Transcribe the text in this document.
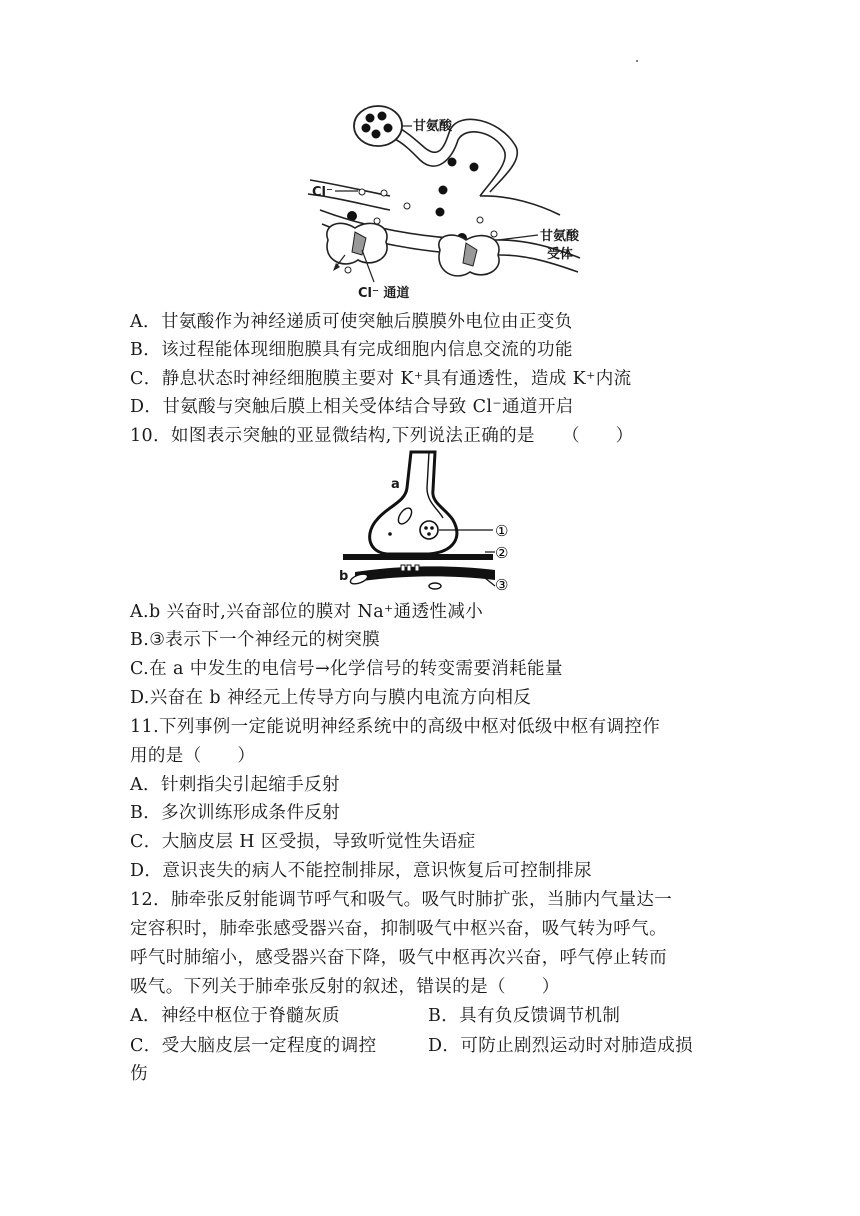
甘氨酸
Cl⁻
甘氨酸
受体
Cl⁻ 通道
A．甘氨酸作为神经递质可使突触后膜膜外电位由正变负
B．该过程能体现细胞膜具有完成细胞内信息交流的功能
C．静息状态时神经细胞膜主要对 K⁺具有通透性，造成 K⁺内流
D．甘氨酸与突触后膜上相关受体结合导致 Cl⁻通道开启
10．如图表示突触的亚显微结构,下列说法正确的是　　（　　）
a
b
①
②
③
A.b 兴奋时,兴奋部位的膜对 Na⁺通透性减小
B.③表示下一个神经元的树突膜
C.在 a 中发生的电信号→化学信号的转变需要消耗能量
D.兴奋在 b 神经元上传导方向与膜内电流方向相反
11.下列事例一定能说明神经系统中的高级中枢对低级中枢有调控作
用的是（　　）
A．针刺指尖引起缩手反射
B．多次训练形成条件反射
C．大脑皮层 H 区受损，导致听觉性失语症
D．意识丧失的病人不能控制排尿，意识恢复后可控制排尿
12．肺牵张反射能调节呼气和吸气。吸气时肺扩张，当肺内气量达一
定容积时，肺牵张感受器兴奋，抑制吸气中枢兴奋，吸气转为呼气。
呼气时肺缩小，感受器兴奋下降，吸气中枢再次兴奋，呼气停止转而
吸气。下列关于肺牵张反射的叙述，错误的是（　　）
A．神经中枢位于脊髓灰质	B．具有负反馈调节机制
C．受大脑皮层一定程度的调控	D．可防止剧烈运动时对肺造成损
伤
